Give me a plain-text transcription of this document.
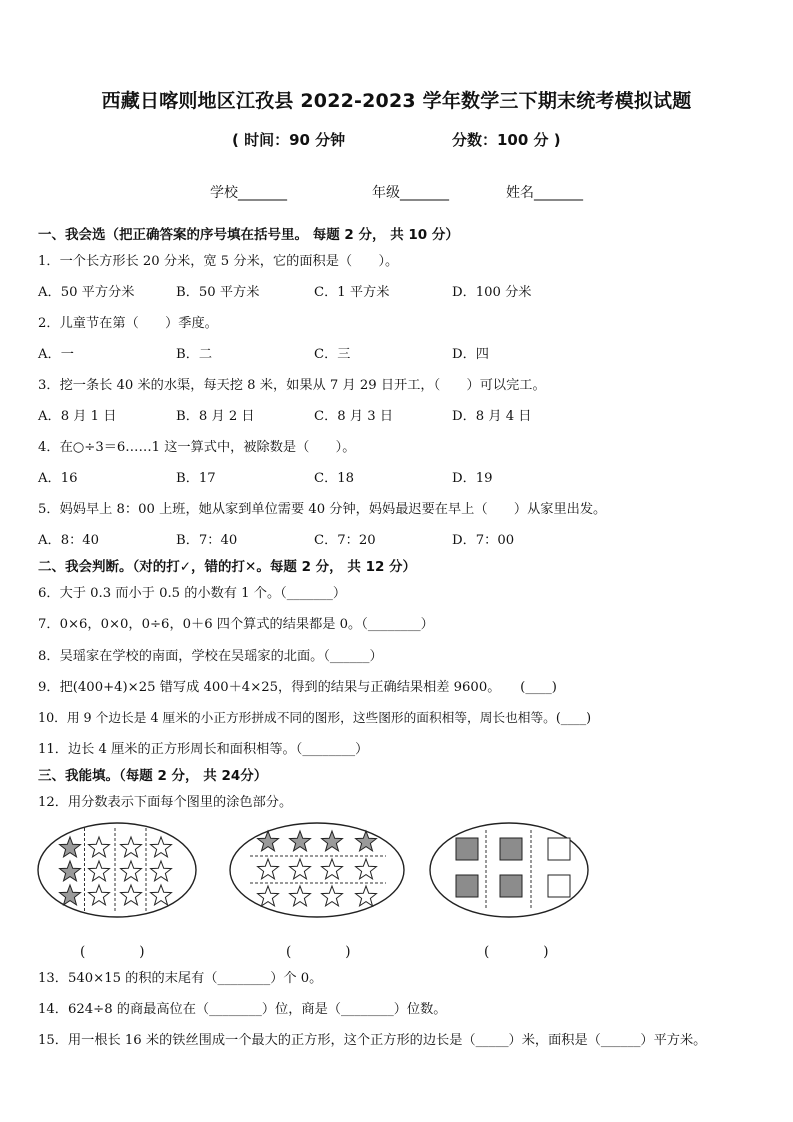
西藏日喀则地区江孜县 2022-2023 学年数学三下期末统考模拟试题
( 时间：90 分钟	分数：100 分 )
学校_______	年级_______	姓名_______
一、我会选（把正确答案的序号填在括号里。 每题 2 分， 共 10 分）
1．一个长方形长 20 分米，宽 5 分米，它的面积是（　　）。
A．50 平方分米	B．50 平方米	C．1 平方米	D．100 分米
2．儿童节在第（　　）季度。
A．一	B．二	C．三	D．四
3．挖一条长 40 米的水渠，每天挖 8 米，如果从 7 月 29 日开工，（　　）可以完工。
A．8 月 1 日	B．8 月 2 日	C．8 月 3 日	D．8 月 4 日
4．在○÷3＝6……1 这一算式中，被除数是（　　）。
A．16	B．17	C．18	D．19
5．妈妈早上 8：00 上班，她从家到单位需要 40 分钟，妈妈最迟要在早上（　　）从家里出发。
A．8：40	B．7：40	C．7：20	D．7：00
二、我会判断。（对的打✓，错的打✕。每题 2 分， 共 12 分）
6．大于 0.3 而小于 0.5 的小数有 1 个。（_______）
7．0×6，0×0，0÷6，0＋6 四个算式的结果都是 0。（________）
8．吴瑶家在学校的南面，学校在吴瑶家的北面。（______）
9．把(400+4)×25 错写成 400＋4×25，得到的结果与正确结果相差 9600。　　(____)
10．用 9 个边长是 4 厘米的小正方形拼成不同的图形，这些图形的面积相等，周长也相等。(____)
11．边长 4 厘米的正方形周长和面积相等。（________）
三、我能填。（每题 2 分， 共 24分）
12．用分数表示下面每个图里的涂色部分。
(　　　　)	(　　　　)	(　　　　)
13．540×15 的积的末尾有（________）个 0。
14．624÷8 的商最高位在（________）位，商是（________）位数。
15．用一根长 16 米的铁丝围成一个最大的正方形，这个正方形的边长是（_____）米，面积是（______）平方米。
